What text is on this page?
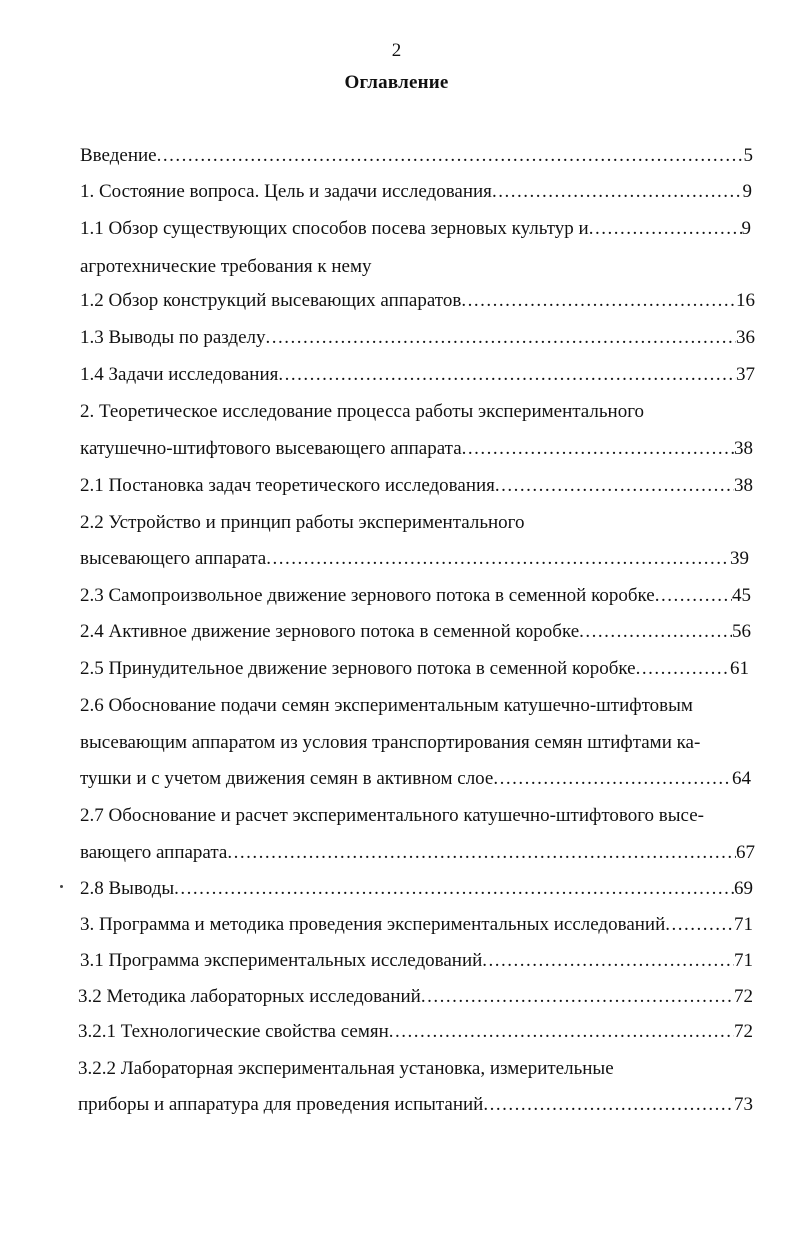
2
Оглавление
Введение .....	5
1. Состояние вопроса. Цель и задачи исследования .....	9
1.1 Обзор существующих способов посева зерновых культур и .....	9
агротехнические требования к нему
1.2 Обзор конструкций высевающих аппаратов .....	16
1.3 Выводы по разделу .....	36
1.4 Задачи исследования .....	37
2. Теоретическое исследование процесса работы экспериментального
катушечно-штифтового высевающего аппарата .....	38
2.1 Постановка задач теоретического исследования .....	38
2.2 Устройство и принцип работы экспериментального
высевающего аппарата .....	39
2.3 Самопроизвольное движение зернового потока в семенной коробке .....	45
2.4 Активное движение зернового потока в семенной коробке .....	56
2.5 Принудительное движение зернового потока в семенной коробке .....	61
2.6 Обоснование подачи семян экспериментальным катушечно-штифтовым
высевающим аппаратом из условия транспортирования семян штифтами ка-
тушки и с учетом движения семян в активном слое .....	64
2.7 Обоснование и расчет экспериментального катушечно-штифтового высе-
вающего аппарата .....	67
2.8 Выводы .....	69
3. Программа и методика проведения экспериментальных исследований .....	71
3.1 Программа экспериментальных исследований .....	71
3.2 Методика лабораторных исследований .....	72
3.2.1 Технологические свойства семян .....	72
3.2.2 Лабораторная экспериментальная установка, измерительные
приборы и аппаратура для проведения испытаний .....	73
